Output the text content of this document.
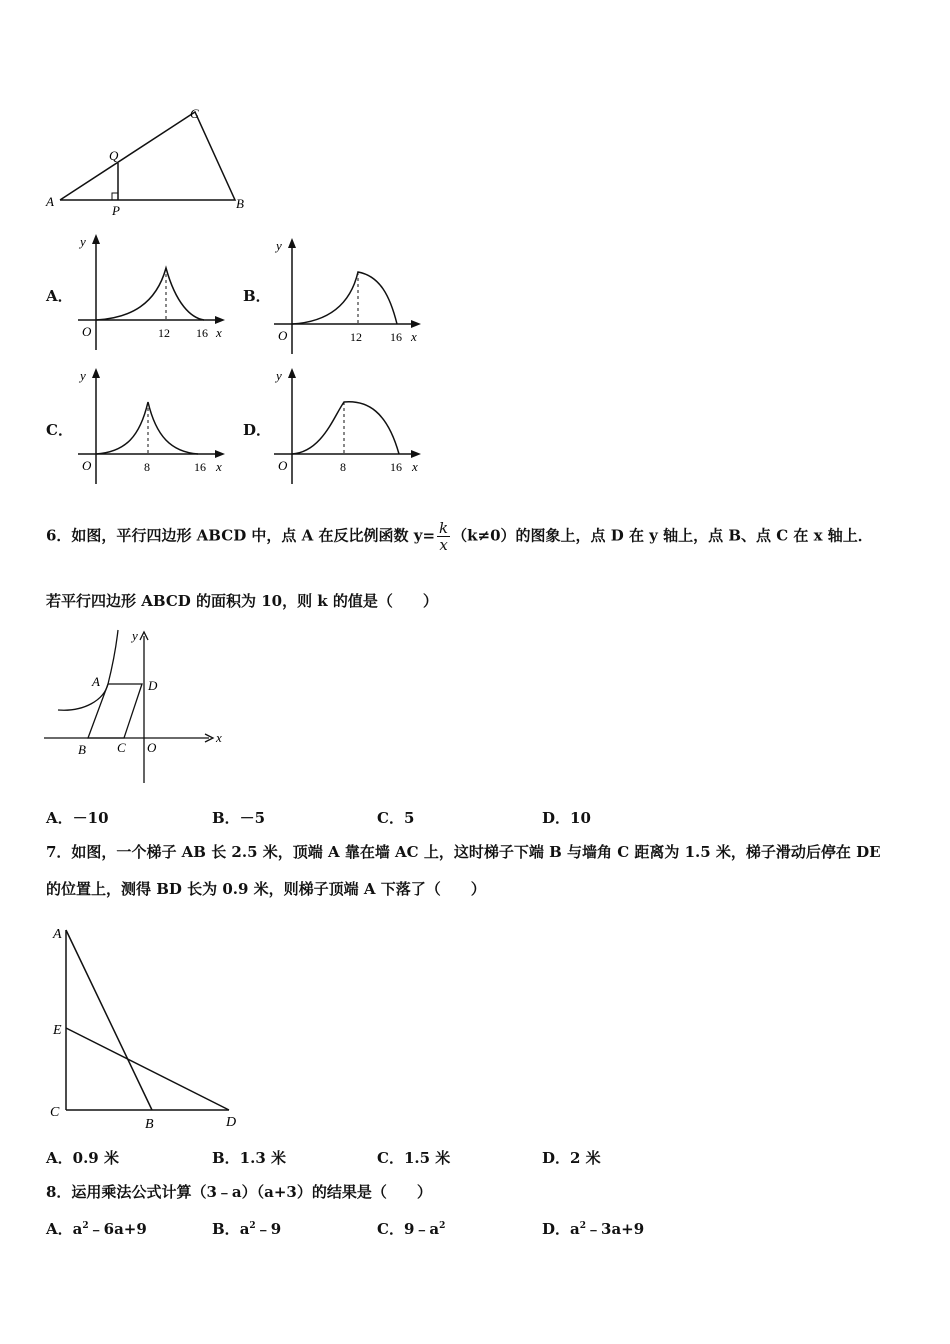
C
Q
A
P	B
A．
y
O	12 16 x
B．
y
O	12 16 x
C．
y
O	8	16 x
D．
y
O	8	16 x
6．如图，平行四边形 ABCD 中，点 A 在反比例函数 $y= \frac{k}{x} (k\ne 0)$的图象上，点 D 在 y 轴上，点 B、点 C 在 x 轴上．
若平行四边形 ABCD 的面积为 10，则 k 的值是（　　）
y
x
A	D
B C O
A．－10	B．－5	C．5	D．10
7．如图，一个梯子 AB 长 2.5 米，顶端 A 靠在墙 AC 上，这时梯子下端 B 与墙角 C 距离为 1.5 米，梯子滑动后停在 DE
的位置上，测得 BD 长为 0.9 米，则梯子顶端 A 下落了（　　）
A
E
C
B	D
A．0.9 米	B．1.3 米	C．1.5 米	D．2 米
8．运用乘法公式计算（3﹣a）（a+3）的结果是（　　）
A．$a^2﹣6a+9$	B．$a^2﹣9$	C．$9﹣a^2$	D．$a^2﹣3a+9$
